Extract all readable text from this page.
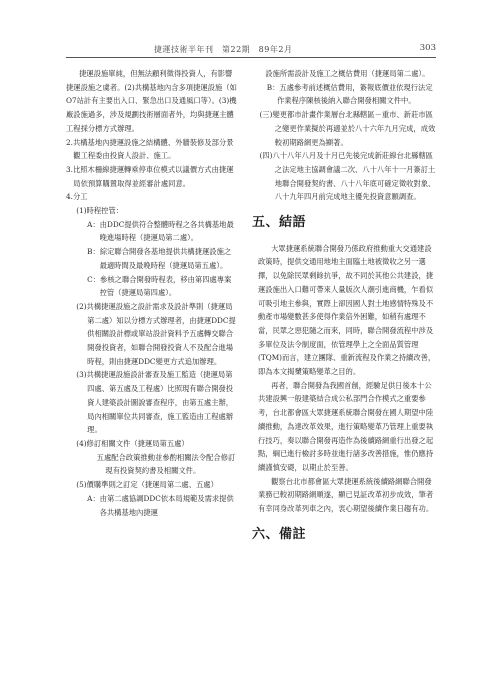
捷運技術半年刊　第22期　89年2月	303

捷運設施單純，但無法顧利徵得投資人，有影響捷運設施之虞者。(2)共構基地內含多項捷運設施（如O7站計有主要出入口、緊急出口及通風口等）。(3)機廠設施過多，涉及規劃技術層面者外，均與捷運主體工程採分標方式辦理。

2.共構基地內捷運設施之結構體、外牆裝修及部分景觀工程委由投資人設計、施工。

3.比照木柵線捷運轉乘停車位模式以議價方式由捷運局依預算購置取得並經審計處同意。

4.分工

(1)時程控管：

A：由DDC提供符合整體時程之各共構基地最晚進場時程（捷運局第二處）。

B：綜定聯合開發各基地提供共構捷運設施之最適時間及最晚時程（捷運局第五處）。

C：參核之聯合開發時程表，移由第四處專案控管（捷運局第四處）。

(2)共構捷運設施之設計需求及設計準則（捷運局第二處）知以分標方式辦理者，由捷運DDC提供相關設計標或單站設計資料予五處轉交聯合開發投資者，如聯合開發投資人不及配合進場時程，則由捷運DDC變更方式追加辦理。

(3)共構捷運設施設計審查及施工監造（捷運局第四處、第五處及工程處）比照現有聯合開發投資人建築設計圖說審查程序，由第五處主辦，局內相關單位共同審查，施工監造由工程處辦理。

(4)修訂相關文件（捷運局第五處）

五處配合政策推動並參酌相關法令配合修訂現有投資契約書及相關文件。

(5)價購準則之訂定（捷運局第二處、五處）

A：由第二處協調DDC依本局規範及需求提供各共構基地內捷運

設施所需設計及施工之概估費用（捷運局第二處）。

B：五處參考前述概估費用，簽報底價並依現行法定作業程序陳核後納入聯合開發相關文件中。

(三)變更都市計畫作業層台北縣轄區－重市、新莊市區之變更作業擬於再適並於八十六年九月完成，成效較初期路網更為顯著。

(四)八十八年八月及十月已先後完成新莊線台北縣轄區之法定地主協調會議二次、八十八年十一月簽訂土地聯合開發契約書、八十八年底可確定徵收對象、八十九年四月前完成地主優先投資意願調查。

五、結語

大眾捷運系統聯合開發乃係政府推動重大交通建設政策時，提供交通用地地主面臨土地被徵收之另一選擇，以免除民眾剩餘抗爭，故不同於其他公共建設，捷運設施出入口難可帶來人量版次人潮引進商機，乍看似可吸引地主參與，實際上卻因國人對土地感情特殊及不動產市場變數甚多使得作業倍外困難，如稍有處理不當，民眾之惡犯隨之而來，同時，聯合開發流程中涉及多單位及法令制度面，依管理學上之全面品質管理(TQM)而言，建立團隊、重新流程及作業之持續改善，即為本文揭櫫策略變革之目的。

再者，聯合開發為我國首創，經驗足供日後本十公共建設興一般建築結合成公私部門合作模式之重要參考，台北都會區大眾捷運系統聯合開發在國人期望中陸續推動，為達改革效果，進行策略變革乃管理上重要執行技巧，奏以聯合開發再造作為後續路網重行出發之起點，綱已進行檢討多時並進行諸多改善措施，惟仍應持續謹慎安礎，以期止於至善。

觀察台北市都會區大眾捷運系統後續路網聯合開發業務已較初期路網順遂，顯已見証改革初步成效，筆者有幸同身改革列車之內，衷心期望後續作業日趨有功。

六、備註
